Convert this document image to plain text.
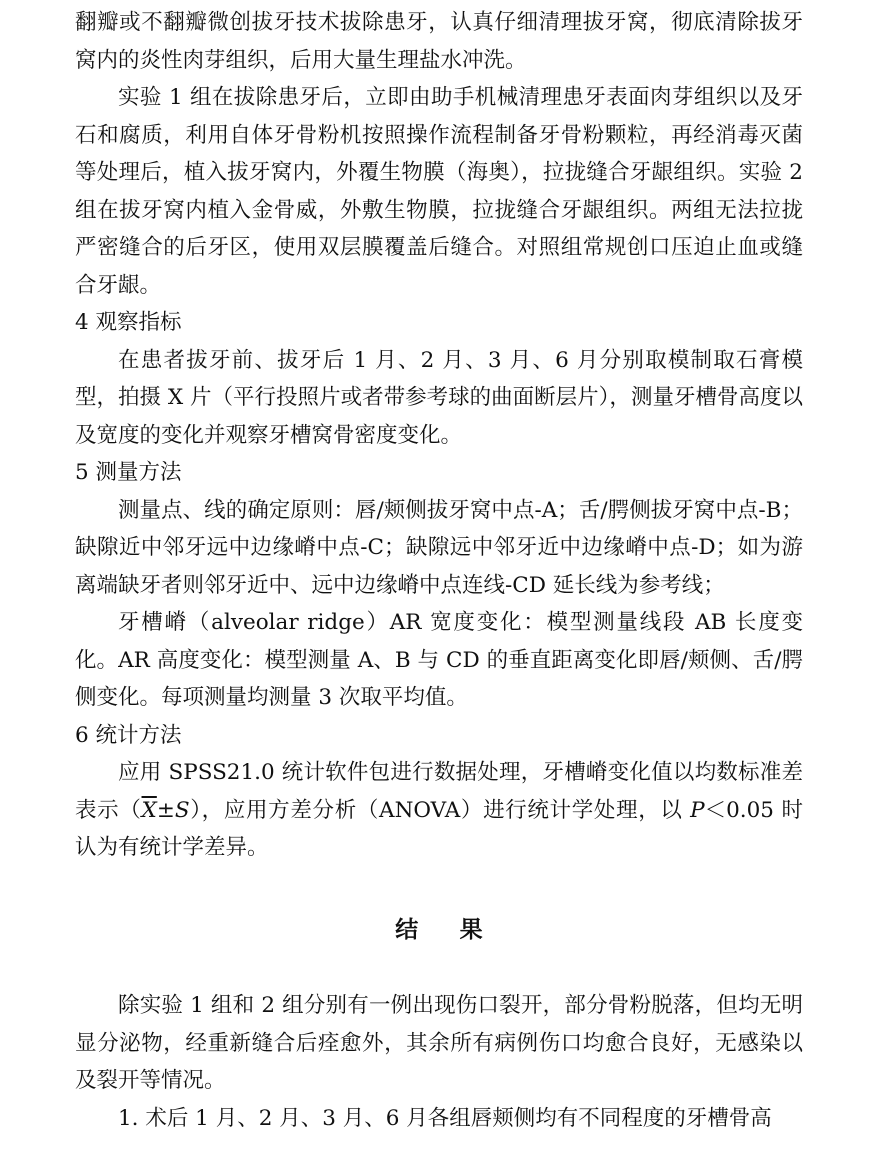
翻瓣或不翻瓣微创拔牙技术拔除患牙，认真仔细清理拔牙窝，彻底清除拔牙窝内的炎性肉芽组织，后用大量生理盐水冲洗。

实验 1 组在拔除患牙后，立即由助手机械清理患牙表面肉芽组织以及牙石和腐质，利用自体牙骨粉机按照操作流程制备牙骨粉颗粒，再经消毒灭菌等处理后，植入拔牙窝内，外覆生物膜（海奥），拉拢缝合牙龈组织。实验 2 组在拔牙窝内植入金骨威，外敷生物膜，拉拢缝合牙龈组织。两组无法拉拢严密缝合的后牙区，使用双层膜覆盖后缝合。对照组常规创口压迫止血或缝合牙龈。

4 观察指标

在患者拔牙前、拔牙后 1 月、2 月、3 月、6 月分别取模制取石膏模型，拍摄 X 片（平行投照片或者带参考球的曲面断层片），测量牙槽骨高度以及宽度的变化并观察牙槽窝骨密度变化。

5 测量方法

测量点、线的确定原则：唇/颊侧拔牙窝中点-A；舌/腭侧拔牙窝中点-B；缺隙近中邻牙远中边缘嵴中点-C；缺隙远中邻牙近中边缘嵴中点-D；如为游离端缺牙者则邻牙近中、远中边缘嵴中点连线-CD 延长线为参考线；

牙槽嵴（alveolar ridge）AR 宽度变化：模型测量线段 AB 长度变化。AR 高度变化：模型测量 A、B 与 CD 的垂直距离变化即唇/颊侧、舌/腭侧变化。每项测量均测量 3 次取平均值。

6 统计方法

应用 SPSS21.0 统计软件包进行数据处理，牙槽嵴变化值以均数标准差表示$(\overline{X}\pm S)$，应用方差分析（ANOVA）进行统计学处理，以 P＜0.05 时认为有统计学差异。

结果

除实验 1 组和 2 组分别有一例出现伤口裂开，部分骨粉脱落，但均无明显分泌物，经重新缝合后痊愈外，其余所有病例伤口均愈合良好，无感染以及裂开等情况。

1. 术后 1 月、2 月、3 月、6 月各组唇颊侧均有不同程度的牙槽骨高
